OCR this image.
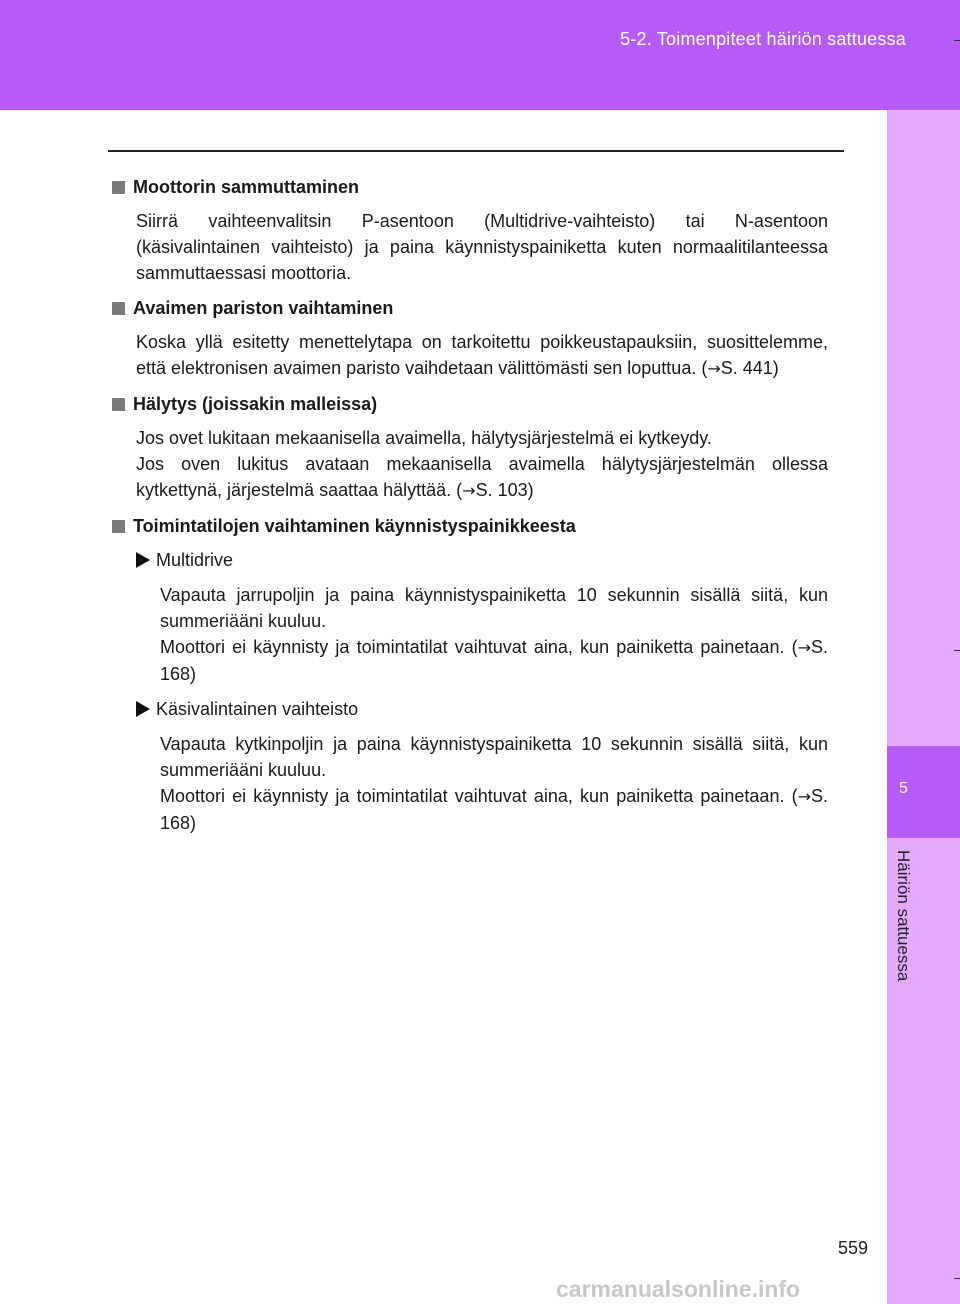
5-2. Toimenpiteet häiriön sattuessa
5
Häiriön sattuessa
Moottorin sammuttaminen

Siirrä vaihteenvalitsin P-asentoon (Multidrive-vaihteisto) tai N-asentoon (käsivalintainen vaihteisto) ja paina käynnistyspainiketta kuten normaalitilanteessa sammuttaessasi moottoria.

Avaimen pariston vaihtaminen

Koska yllä esitetty menettelytapa on tarkoitettu poikkeustapauksiin, suosittelemme, että elektronisen avaimen paristo vaihdetaan välittömästi sen loputtua. (→S. 441)

Hälytys (joissakin malleissa)

Jos ovet lukitaan mekaanisella avaimella, hälytysjärjestelmä ei kytkeydy.

Jos oven lukitus avataan mekaanisella avaimella hälytysjärjestelmän ollessa kytkettynä, järjestelmä saattaa hälyttää. (→S. 103)

Toimintatilojen vaihtaminen käynnistyspainikkeesta
Multidrive

Vapauta jarrupoljin ja paina käynnistyspainiketta 10 sekunnin sisällä siitä, kun summeriääni kuuluu.

Moottori ei käynnisty ja toimintatilat vaihtuvat aina, kun painiketta painetaan. (→S. 168)

Käsivalintainen vaihteisto

Vapauta kytkinpoljin ja paina käynnistyspainiketta 10 sekunnin sisällä siitä, kun summeriääni kuuluu.

Moottori ei käynnisty ja toimintatilat vaihtuvat aina, kun painiketta painetaan. (→S. 168)

559
carmanualsonline.info
